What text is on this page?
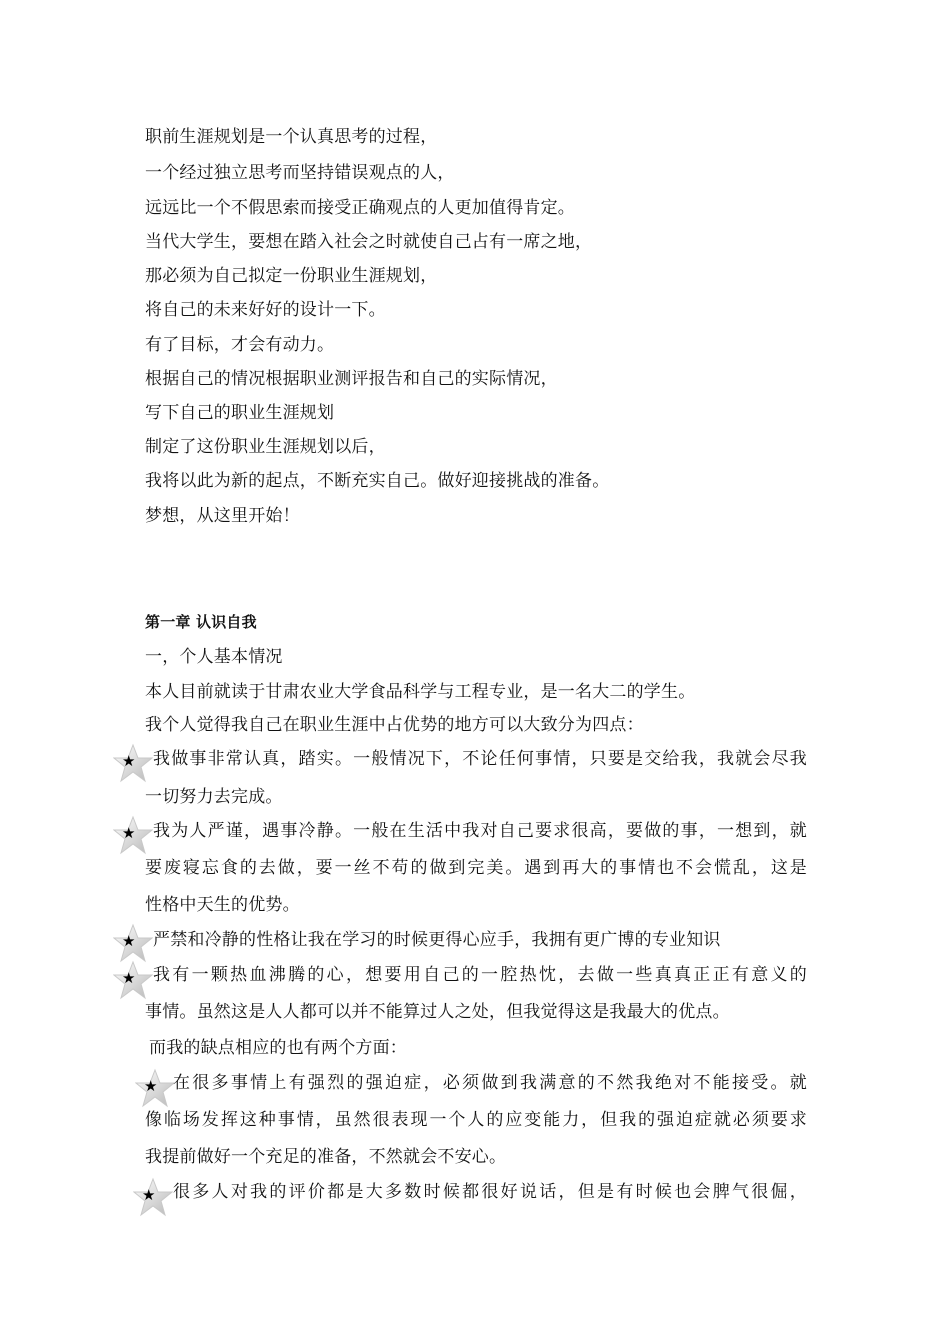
职前生涯规划是一个认真思考的过程，
一个经过独立思考而坚持错误观点的人，
远远比一个不假思索而接受正确观点的人更加值得肯定。
当代大学生，要想在踏入社会之时就使自己占有一席之地，
那必须为自己拟定一份职业生涯规划，
将自己的未来好好的设计一下。
有了目标，才会有动力。
根据自己的情况根据职业测评报告和自己的实际情况，
写下自己的职业生涯规划
制定了这份职业生涯规划以后，
我将以此为新的起点，不断充实自己。做好迎接挑战的准备。
梦想，从这里开始！
第一章 认识自我
一，个人基本情况
本人目前就读于甘肃农业大学食品科学与工程专业，是一名大二的学生。
我个人觉得我自己在职业生涯中占优势的地方可以大致分为四点：
★ 我做事非常认真，踏实。一般情况下，不论任何事情，只要是交给我，我就会尽我
一切努力去完成。
★ 我为人严谨，遇事冷静。一般在生活中我对自己要求很高，要做的事，一想到，就
要废寝忘食的去做，要一丝不苟的做到完美。遇到再大的事情也不会慌乱，这是
性格中天生的优势。
★ 严禁和冷静的性格让我在学习的时候更得心应手，我拥有更广博的专业知识
★ 我有一颗热血沸腾的心，想要用自己的一腔热忱，去做一些真真正正有意义的
事情。虽然这是人人都可以并不能算过人之处，但我觉得这是我最大的优点。
而我的缺点相应的也有两个方面：
★ 在很多事情上有强烈的强迫症，必须做到我满意的不然我绝对不能接受。就
像临场发挥这种事情，虽然很表现一个人的应变能力，但我的强迫症就必须要求
我提前做好一个充足的准备，不然就会不安心。
★ 很多人对我的评价都是大多数时候都很好说话，但是有时候也会脾气很倔，
